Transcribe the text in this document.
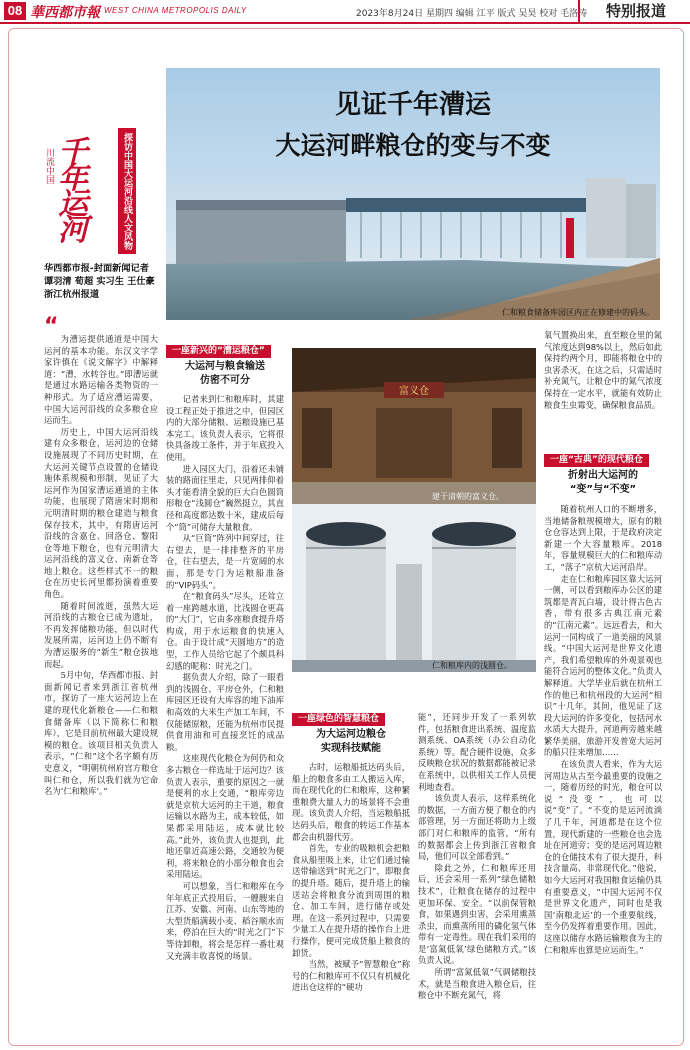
08 華西都市報 WEST CHINA METROPOLIS DAILY	2023年8月24日 星期四 编辑 江平 版式 吴昊 校对 毛洛涛	特别报道
见证千年漕运
大运河畔粮仓的变与不变
仁和粮食储备库园区内正在修建中的码头。
探访中国大运河沿线人文风物
川流中国 千年运河
华西都市报-封面新闻记者
谭羽清 荀超 实习生 王仕豪
浙江杭州报道
“ 为漕运提供通道是中国大运河的基本功能。东汉文字学家许慎在《说文解字》中解释道：“漕，水转谷也。”即漕运就是通过水路运输各类物资的一种形式。为了适应漕运需要，中国大运河沿线的众多粮仓应运而生。

历史上，中国大运河沿线建有众多粮仓，运河边的仓储设施展现了不同历史时期，在大运河关键节点设置的仓储设施体系规模和形制，见证了大运河作为国家漕运通道的主体功能，也展现了隋唐宋时期和元明清时期的粮仓建造与粮食保存技术，其中，有隋唐运河沿线的含嘉仓、回洛仓、黎阳仓等地下粮仓，也有元明清大运河沿线的富义仓、南新仓等地上粮仓。这些样式不一的粮仓在历史长河里都扮演着重要角色。

随着时间流逝，虽然大运河沿线的古粮仓已成为遗址，不再发挥储粮功能，但以时代发展所需，运河边上仍不断有为漕运服务的“新生”粮仓拔地而起。

5月中旬，华西都市报、封面新闻记者来到浙江省杭州市，探访了一座大运河边上在建的现代化新粮仓——仁和粮食储备库（以下简称仁和粮库），它是目前杭州最大建设规模的粮仓。该项目相关负责人表示，“仁和”这个名字颇有历史意义，“明朝杭州府宫方粮仓叫仁和仓，所以我们就为它命名为‘仁和粮库’。”

一座新兴的“漕运粮仓”
大运河与粮食输送
仿密不可分

记者来到仁和粮库时，其建设工程正处于推进之中，但园区内的大部分储粮、运粮设施已基本完工。该负责人表示，它将很快具备竣工条件，并于年底投入使用。

进入园区大门，沿着还未铺装的路面往里走，只见两排仰着头才能看清全貌的巨大白色圆筒形粮仓“浅圆仓”巍然挺立，其直径和高度都达数十米，建成后每个“筒”可储存大量粮食。

从“巨筒”阵列中间穿过，往右望去，是一排排整齐的平房仓，往右望去，是一片宽阔的水面，那是专门为运粮船准备的“VIP码头”。

在“粮食码头”尽头，还耸立着一座跨越水道，比浅圆仓更高的“大门”，它由多座粮食提升塔构成，用于水运粮食的快速入仓。由于设计成“天圆地方”的造型，工作人员给它起了个颇具科幻感的昵称：时光之门。

据负责人介绍，除了一眼看到的浅圆仓、平房仓外，仁和粮库园区还设有大库容的地下油库和高效的大米生产加工车间，不仅能储原粮，还能为杭州市民提供食用油和可直接烹饪的成品粮。

这座现代化粮仓为何仍和众多古粮仓一样选址于运河边？该负责人表示，重要的原因之一就是便利的水上交通，“粮库旁边就是京杭大运河的主干道，粮食运输以水路为主，成本较低，如果都采用陆运，成本就比较高。”此外，该负责人也提到，此地还靠近高速公路，交通较为便利，将来粮仓的小部分粮食也会采用陆运。

可以想象，当仁和粮库在今年年底正式投用后，一艘艘来自江苏、安徽、河南、山东等地的大型货船满载小麦、稻谷顺水而来，停泊在巨大的“时光之门”下等待卸粮，将会是怎样一番壮观又充满丰收喜悦的场景。

富义仓
建于清朝的富义仓。
仁和粮库内的浅圆仓。
一座绿色的智慧粮仓
为大运河边粮仓
实现科技赋能

古时，运粮船抵达码头后，船上的粮食多由工人搬运入库，而在现代化的仁和粮库，这种繁重粮费大量人力的场景将不会重现。该负责人介绍，当运粮船抵达码头后，粮食的转运工作基本都会由机器代劳。

首先，专业的吸粮机会把粮食从船里吸上来，让它们通过输送带输送到“时光之门”，即粮食的提升塔。随后，提升塔上的输送站会将粮食分流到周围的粮仓、加工车间，进行储存或处理。在这一系列过程中，只需要少量工人在提升塔的操作台上进行操作，便可完成货船上粮食的卸货。

当然，被赋予“智慧粮仓”称号的仁和粮库可不仅只有机械化进出仓这样的“硬功

能”，还同步开发了一系列软件，包括粮食进出系统、温度监测系统、OA系统（办公自动化系统）等。配合硬件设施，众多反映粮仓状况的数据都能被记录在系统中，以供相关工作人员便利地查看。

该负责人表示，这样系统化的数据，一方面方便了粮仓的内部管理，另一方面还将助力上级部门对仁和粮库的监管，“所有的数据都会上传到浙江省粮食局，他们可以全部看到。”

除此之外，仁和粮库还用后，还会采用一系列“绿色储粮技术”，让粮食在储存的过程中更加环保、安全。“以前保管粮食，如果遇到虫害，会采用熏蒸杀虫，而熏蒸所用的磷化氢气体带有一定毒性。现在我们采用的是‘富氮低氧’绿色储粮方式。”该负责人说。

所谓“富氮低氧”气调储粮技术，就是当粮食进入粮仓后，往粮仓中不断充氮气，将

氧气置换出来，直至粮仓里的氮气浓度达到98%以上，然后如此保持约两个月，即能将粮仓中的虫害杀灭，在这之后，只需适时补充氮气，让粮仓中的氮气浓度保持在一定水平，就能有效防止粮食生虫霉变，确保粮食品质。

一座“古典”的现代粮仓
折射出大运河的
“变”与“不变”

随着杭州人口的不断增多，当地储备粮规模增大，原有的粮仓仓容达到上限，于是政府决定新建一个大容量粮库。2018年，容量规模巨大的仁和粮库动工，“落子”京杭大运河沿岸。

走在仁和粮库园区靠大运河一侧，可以看到粮库办公区的建筑都是青瓦白墙，设计得古色古香，带有很多古典江南元素的“江南元素”。远远看去，和大运河一同构成了一道美丽的风景线。“中国大运河是世界文化遗产，我们希望粮库的外观景观也能符合运河的整体文化。”负责人解释道。大学毕业后就在杭州工作的他已和杭州段的大运河“相识”十几年，其间，他见证了这段大运河的许多变化，包括河水水质大大提升，河道两旁越来越繁华美丽，旅游开发普宽大运河的船只往来增加……

在该负责人看来，作为大运河周边从古至今最重要的设施之一，随着历经的时光，粮仓可以说“没变”，也可以说“变”了。“不变的是运河流淌了几千年，河道都是在这个位置，现代新建的一些粮仓也会选址在河道旁；变的是运河周边粮仓的仓储技术有了很大提升，科技含量高、非常现代化。”他说，如今大运河对我国粮食运输仍具有重要意义，“中国大运河不仅是世界文化遗产，同时也是我国‘南粮北运’的一个重要航线，至今仍发挥着重要作用。因此，这座以储存水路运输粮食为主的仁和粮库也算是应运而生。”
